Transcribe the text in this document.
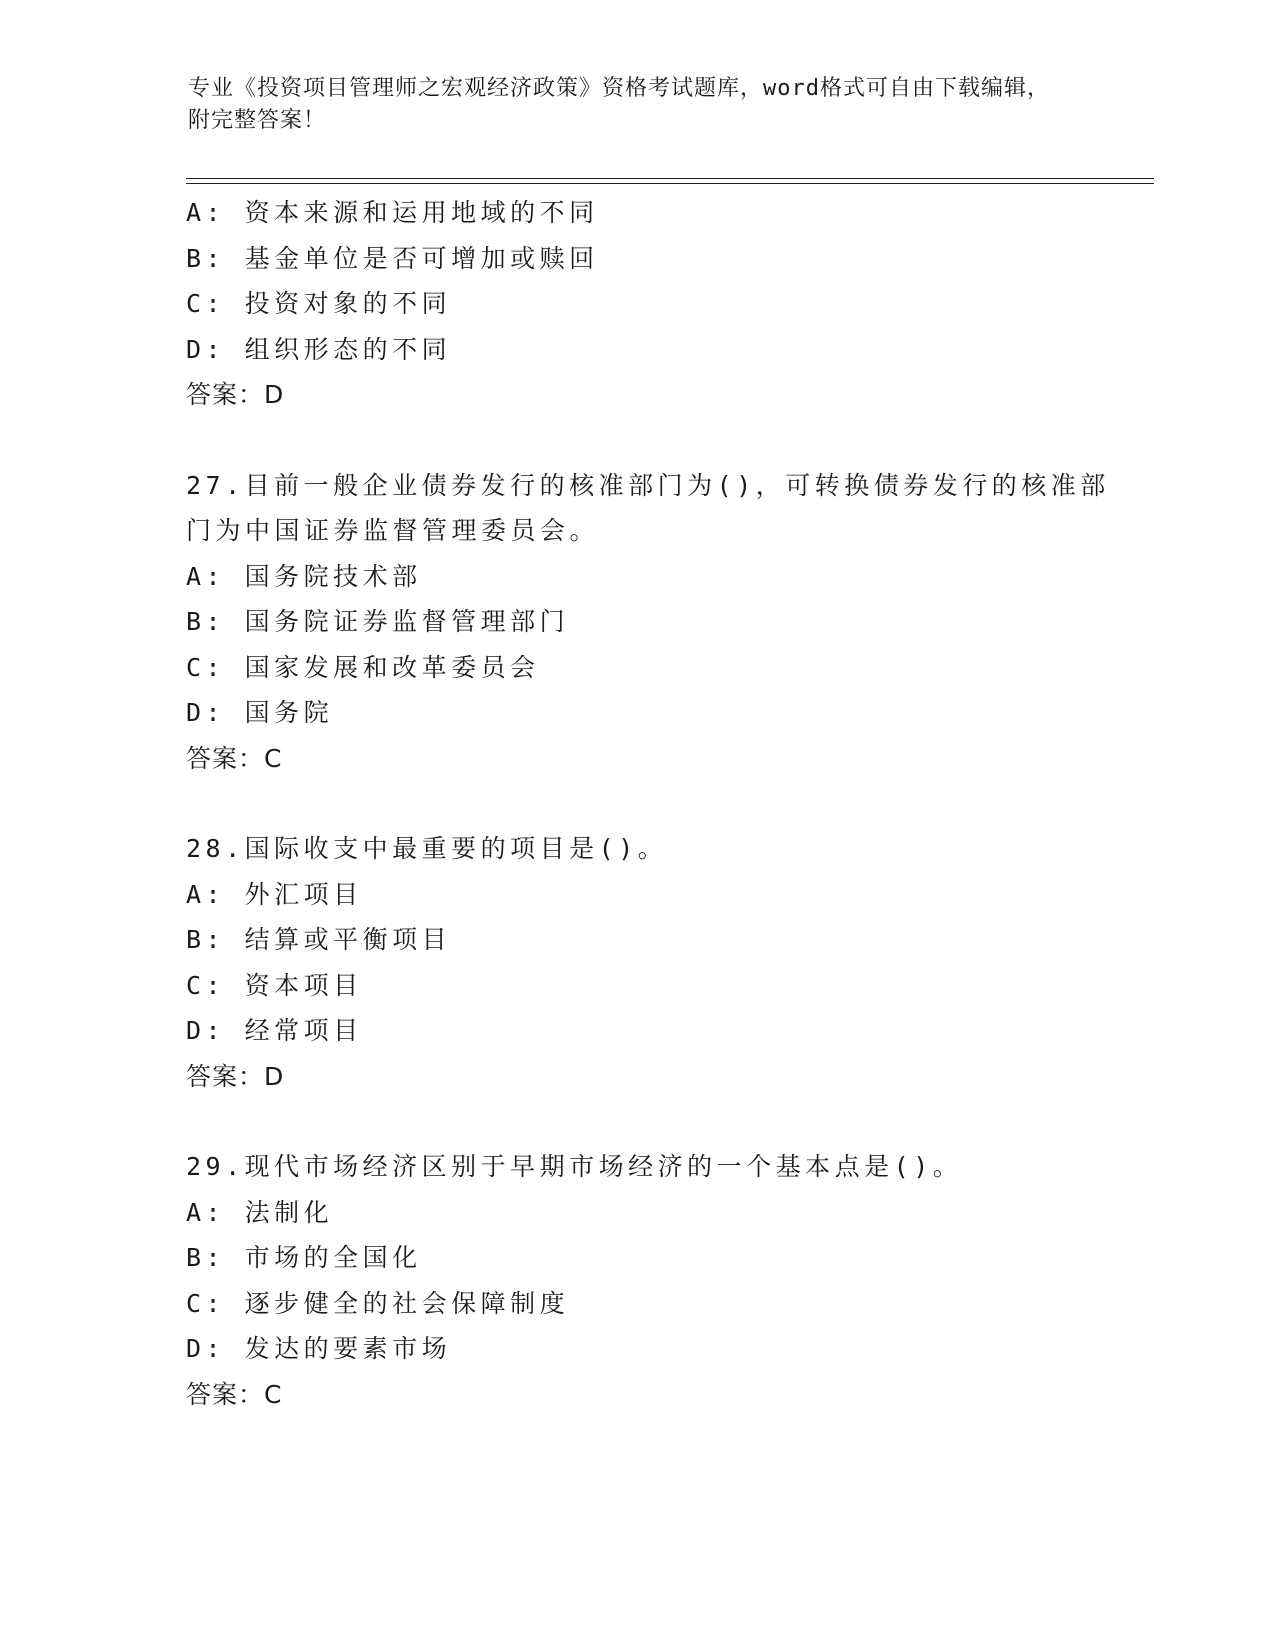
专业《投资项目管理师之宏观经济政策》资格考试题库，word格式可自由下载编辑，附完整答案！
A: 资本来源和运用地域的不同
B: 基金单位是否可增加或赎回
C: 投资对象的不同
D: 组织形态的不同
答案：D
27.目前一般企业债券发行的核准部门为()，可转换债券发行的核准部
门为中国证券监督管理委员会。
A: 国务院技术部
B: 国务院证券监督管理部门
C: 国家发展和改革委员会
D: 国务院
答案：C
28.国际收支中最重要的项目是()。
A: 外汇项目
B: 结算或平衡项目
C: 资本项目
D: 经常项目
答案：D
29.现代市场经济区别于早期市场经济的一个基本点是()。
A: 法制化
B: 市场的全国化
C: 逐步健全的社会保障制度
D: 发达的要素市场
答案：C
